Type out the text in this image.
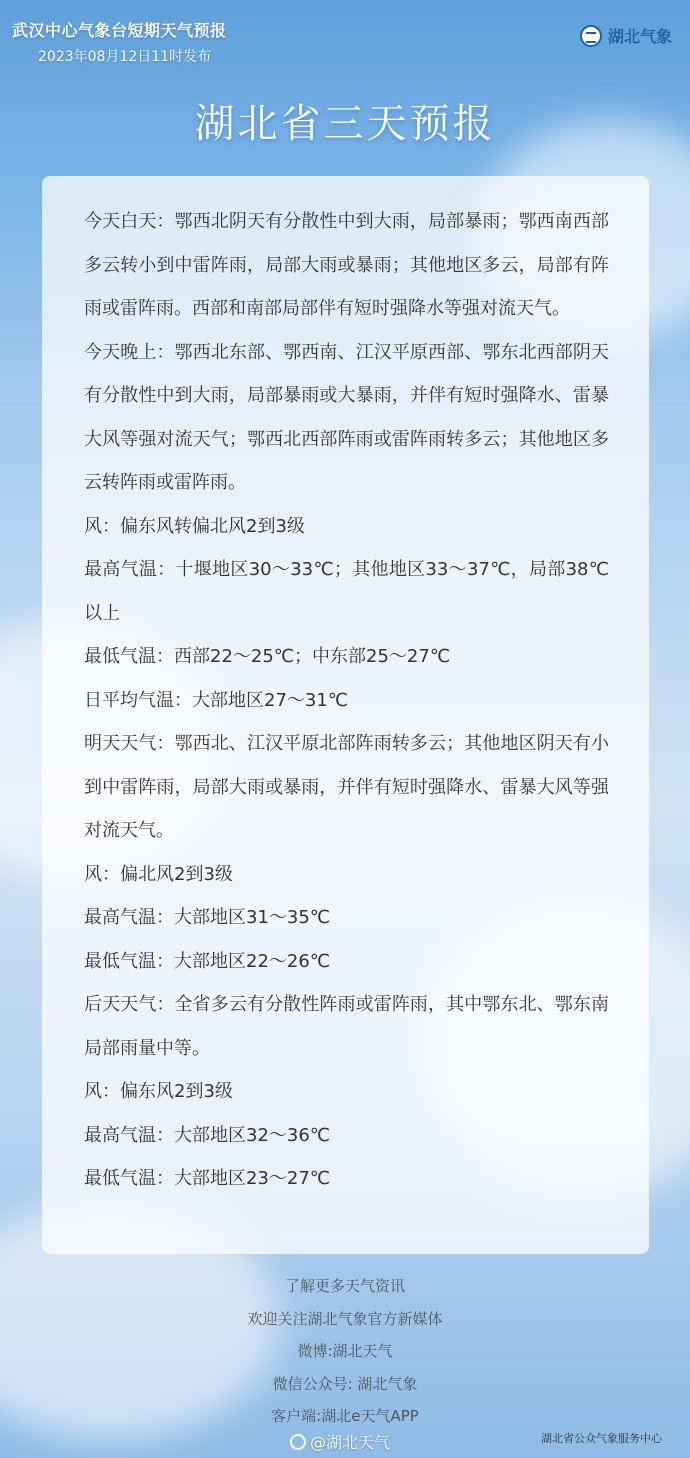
武汉中心气象台短期天气预报
2023年08月12日11时发布
湖北气象
湖北省三天预报

今天白天：鄂西北阴天有分散性中到大雨，局部暴雨；鄂西南西部多云转小到中雷阵雨，局部大雨或暴雨；其他地区多云，局部有阵雨或雷阵雨。西部和南部局部伴有短时强降水等强对流天气。

今天晚上：鄂西北东部、鄂西南、江汉平原西部、鄂东北西部阴天有分散性中到大雨，局部暴雨或大暴雨，并伴有短时强降水、雷暴大风等强对流天气；鄂西北西部阵雨或雷阵雨转多云；其他地区多云转阵雨或雷阵雨。

风：偏东风转偏北风2到3级

最高气温：十堰地区30～33℃；其他地区33～37℃，局部38℃以上

最低气温：西部22～25℃；中东部25～27℃

日平均气温：大部地区27～31℃

明天天气：鄂西北、江汉平原北部阵雨转多云；其他地区阴天有小到中雷阵雨，局部大雨或暴雨，并伴有短时强降水、雷暴大风等强对流天气。

风：偏北风2到3级

最高气温：大部地区31～35℃

最低气温：大部地区22～26℃

后天天气：全省多云有分散性阵雨或雷阵雨，其中鄂东北、鄂东南局部雨量中等。

风：偏东风2到3级

最高气温：大部地区32～36℃

最低气温：大部地区23～27℃

了解更多天气资讯
欢迎关注湖北气象官方新媒体
微博:湖北天气
微信公众号: 湖北气象
客户端:湖北e天气APP
@湖北天气	湖北省公众气象服务中心
